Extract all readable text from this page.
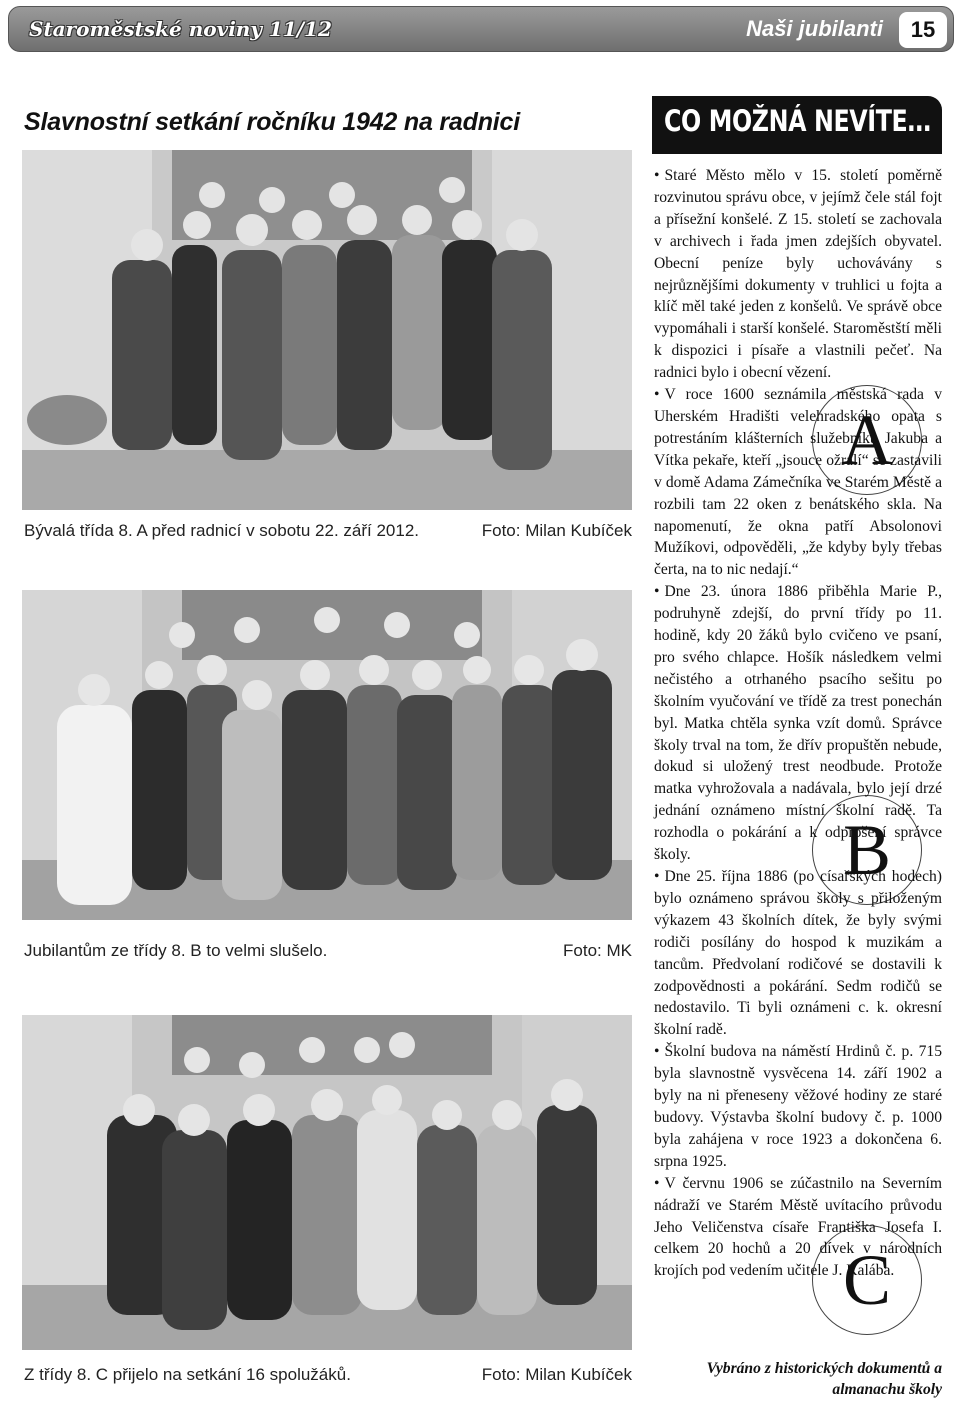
Staroměstské noviny 11/12	Naši jubilanti	15
Slavnostní setkání ročníku 1942 na radnici
A
Bývalá třída 8. A před radnicí v sobotu 22. září 2012.	Foto: Milan Kubíček
B
Jubilantům ze třídy 8. B to velmi slušelo.	Foto: MK
C
Z třídy 8. C přijelo na setkání 16 spolužáků.	Foto: Milan Kubíček
CO MOŽNÁ NEVÍTE…

• Staré Město mělo v 15. století poměrně rozvinutou správu obce, v jejímž čele stál fojt a přísežní konšelé. Z 15. století se zachovala v archivech i řada jmen zdejších obyvatel. Obecní peníze byly uchovávány s nejrůznějšími dokumenty v truhlici u fojta a klíč měl také jeden z konšelů. Ve správě obce vypomáhali i starší konšelé. Staroměstští měli k dispozici i písaře a vlastnili pečeť. Na radnici bylo i obecní vězení.

• V roce 1600 seznámila městská rada v Uherském Hradišti velehradského opata s potrestáním klášterních služebníků Jakuba a Vítka pekaře, kteří „jsouce ožralí“ se zastavili v domě Adama Zámečníka ve Starém Městě a rozbili tam 22 oken z benátského skla. Na napomenutí, že okna patří Absolonovi Mužíkovi, odpověděli, „že kdyby byly třebas čerta, na to nic nedají.“

• Dne 23. února 1886 přiběhla Marie P., podruhyně zdejší, do první třídy po 11. hodině, kdy 20 žáků bylo cvičeno ve psaní, pro svého chlapce. Hošík následkem velmi nečistého a otrhaného psacího sešitu po školním vyučování ve třídě za trest ponechán byl. Matka chtěla synka vzít domů. Správce školy trval na tom, že dřív propuštěn nebude, dokud si uložený trest neodbude. Protože matka vyhrožovala a nadávala, bylo její drzé jednání oznámeno místní školní radě. Ta rozhodla o pokárání a k odprošení správce školy.

• Dne 25. října 1886 (po císařských hodech) bylo oznámeno správou školy s přiloženým výkazem 43 školních dítek, že byly svými rodiči posílány do hospod k muzikám a tancům. Předvolaní rodičové se dostavili k zodpovědnosti a pokárání. Sedm rodičů se nedostavilo. Ti byli oznámeni c. k. okresní školní radě.

• Školní budova na náměstí Hrdinů č. p. 715 byla slavnostně vysvěcena 14. září 1902 a byly na ni přeneseny věžové hodiny ze staré budovy. Výstavba školní budovy č. p. 1000 byla zahájena v roce 1923 a dokončena 6. srpna 1925.

• V červnu 1906 se zúčastnilo na Severním nádraží ve Starém Městě uvítacího průvodu Jeho Veličenstva císaře Františka Josefa I. celkem 20 hochů a 20 dívek v národních krojích pod vedením učitele J. Kalába.

Vybráno z historických dokumentů a almanachu školy
